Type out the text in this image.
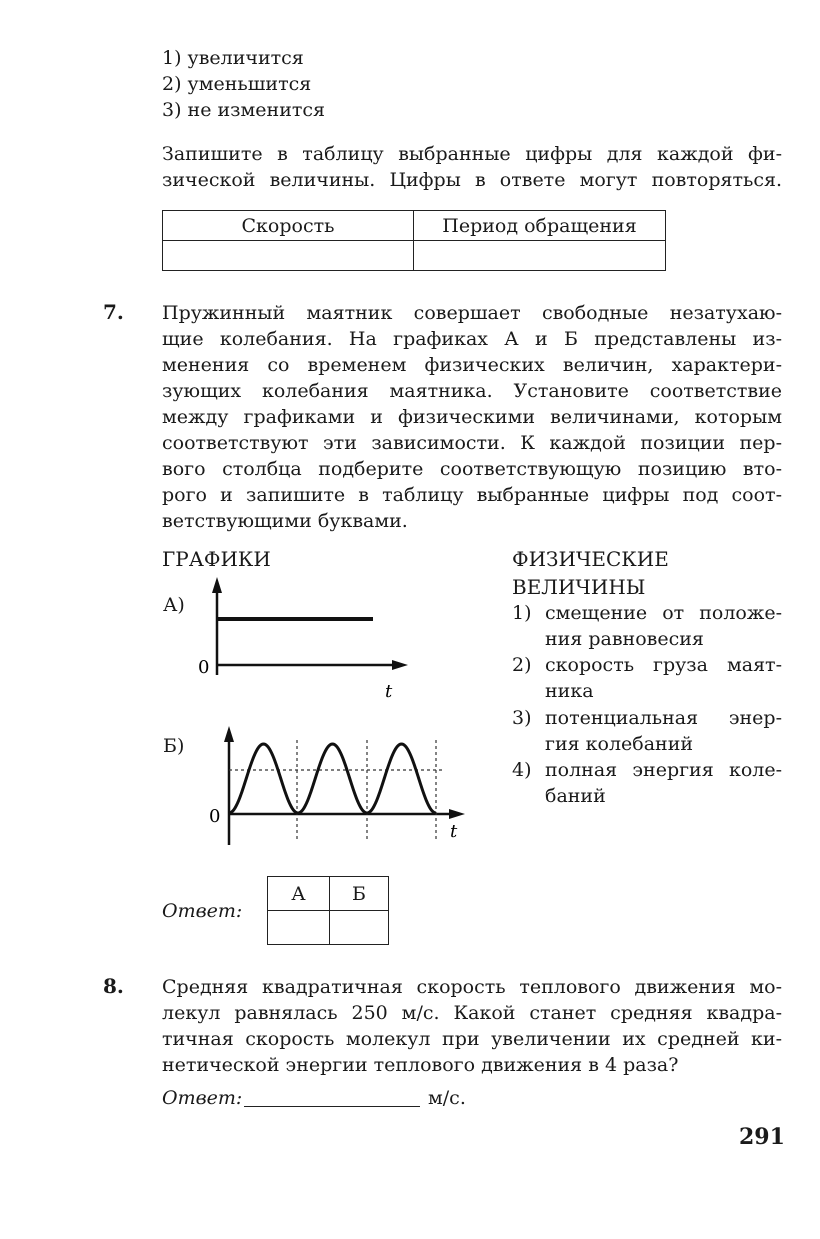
1) увеличится
2) уменьшится
3) не изменится
Запишите в таблицу выбранные цифры для каждой фи-
зической величины. Цифры в ответе могут повторяться.
Скорость	Период обращения

7. Пружинный маятник совершает свободные незатухаю-
щие колебания. На графиках А и Б представлены из-
менения со временем физических величин, характери-
зующих колебания маятника. Установите соответствие
между графиками и физическими величинами, которым
соответствуют эти зависимости. К каждой позиции пер-
вого столбца подберите соответствующую позицию вто-
рого и запишите в таблицу выбранные цифры под соот-
ветствующими буквами.
ГРАФИКИ
А)
0
t
Б)
0
t
ФИЗИЧЕСКИЕ
ВЕЛИЧИНЫ
1) смещение от положе-
ния равновесия
2) скорость груза маят-
ника
3) потенциальная энер-
гия колебаний
4) полная энергия коле-
баний
Ответ:
А	Б

8. Средняя квадратичная скорость теплового движения мо-
лекул равнялась 250 м/с. Какой станет средняя квадра-
тичная скорость молекул при увеличении их средней ки-
нетической энергии теплового движения в 4 раза?
Ответ:	м/с.
291
